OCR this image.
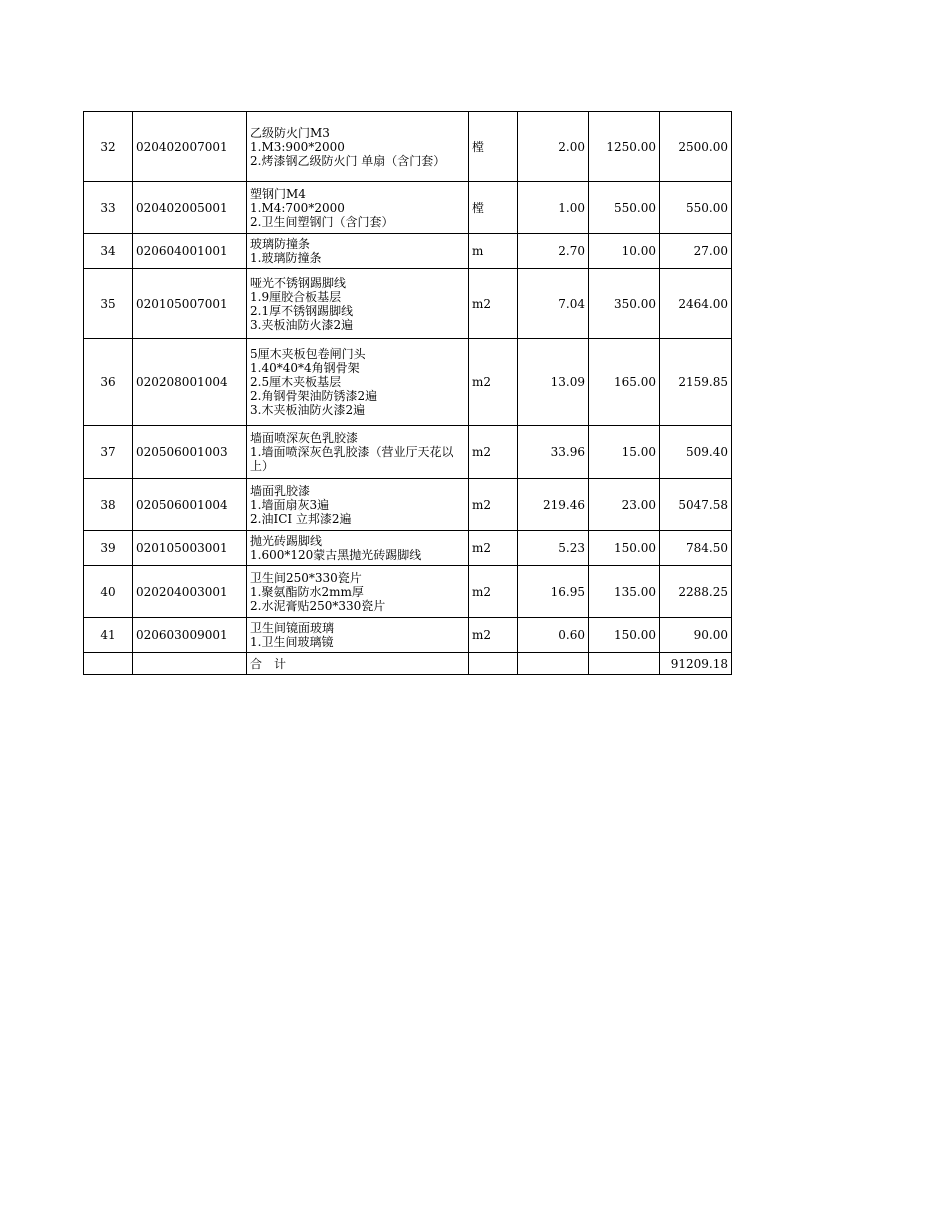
32	020402007001	乙级防火门M3
1.M3:900*2000
2.烤漆钢乙级防火门 单扇（含门套）	樘	2.00	1250.00	2500.00
33	020402005001	塑钢门M4
1.M4:700*2000
2.卫生间塑钢门（含门套）	樘	1.00	550.00	550.00
34	020604001001	玻璃防撞条
1.玻璃防撞条	m	2.70	10.00	27.00
35	020105007001	哑光不锈钢踢脚线
1.9厘胶合板基层
2.1厚不锈钢踢脚线
3.夹板油防火漆2遍	m2	7.04	350.00	2464.00
36	020208001004	5厘木夹板包卷闸门头
1.40*40*4角钢骨架
2.5厘木夹板基层
2.角钢骨架油防锈漆2遍
3.木夹板油防火漆2遍	m2	13.09	165.00	2159.85
37	020506001003	墙面喷深灰色乳胶漆
1.墙面喷深灰色乳胶漆（营业厅天花以上）	m2	33.96	15.00	509.40
38	020506001004	墙面乳胶漆
1.墙面扇灰3遍
2.油ICI 立邦漆2遍	m2	219.46	23.00	5047.58
39	020105003001	抛光砖踢脚线
1.600*120蒙古黑抛光砖踢脚线	m2	5.23	150.00	784.50
40	020204003001	卫生间250*330瓷片
1.聚氨酯防水2mm厚
2.水泥膏贴250*330瓷片	m2	16.95	135.00	2288.25
41	020603009001	卫生间镜面玻璃
1.卫生间玻璃镜	m2	0.60	150.00	90.00
		合　计				91209.18
